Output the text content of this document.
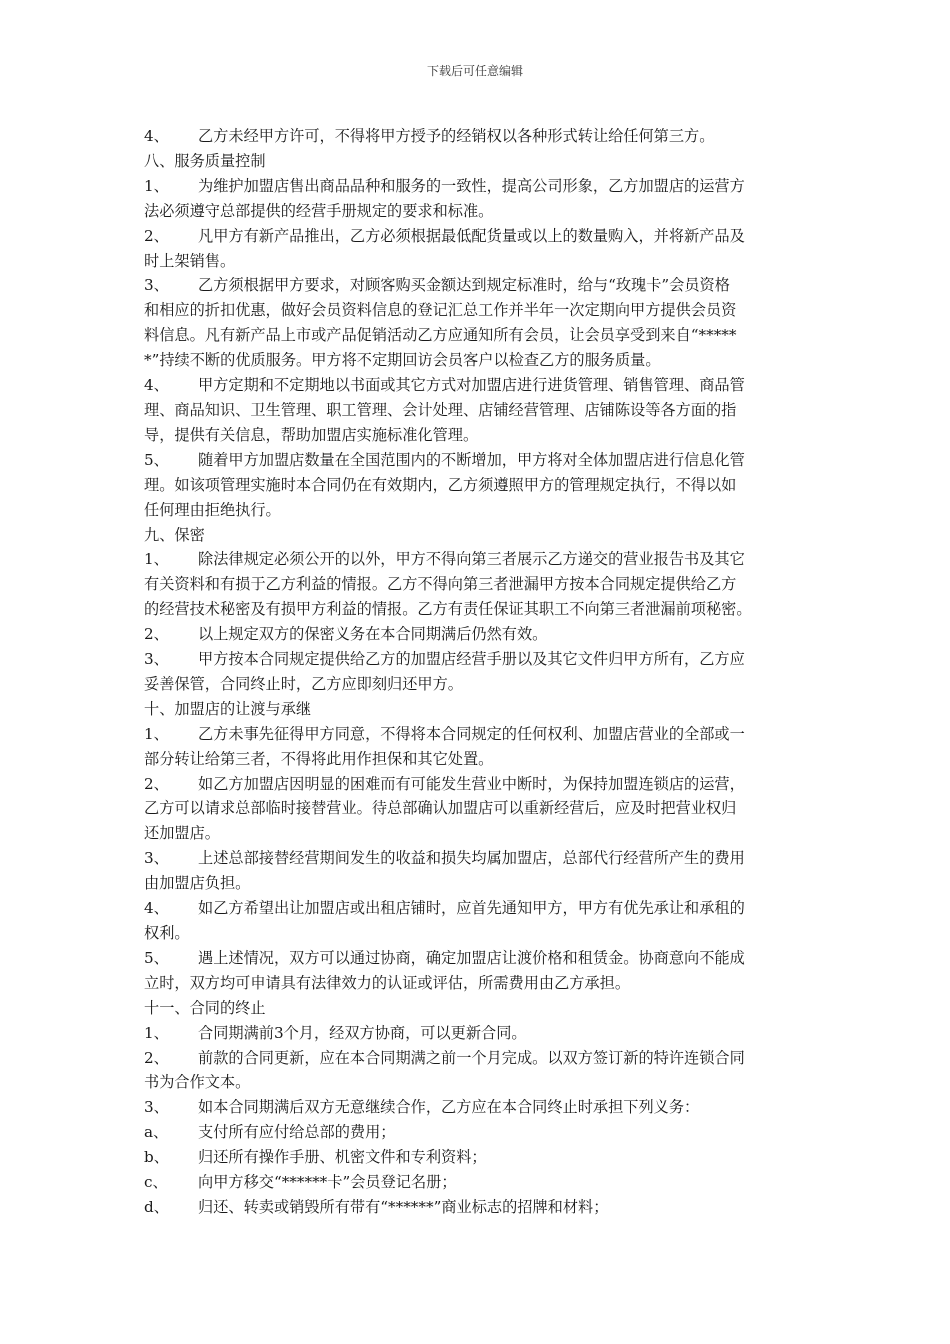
下载后可任意编辑
4、 乙方未经甲方许可，不得将甲方授予的经销权以各种形式转让给任何第三方。
八、服务质量控制
1、 为维护加盟店售出商品品种和服务的一致性，提高公司形象，乙方加盟店的运营方
法必须遵守总部提供的经营手册规定的要求和标准。
2、 凡甲方有新产品推出，乙方必须根据最低配货量或以上的数量购入，并将新产品及
时上架销售。
3、 乙方须根据甲方要求，对顾客购买金额达到规定标准时，给与“玫瑰卡”会员资格
和相应的折扣优惠，做好会员资料信息的登记汇总工作并半年一次定期向甲方提供会员资
料信息。凡有新产品上市或产品促销活动乙方应通知所有会员，让会员享受到来自“*****
*”持续不断的优质服务。甲方将不定期回访会员客户以检查乙方的服务质量。
4、 甲方定期和不定期地以书面或其它方式对加盟店进行进货管理、销售管理、商品管
理、商品知识、卫生管理、职工管理、会计处理、店铺经营管理、店铺陈设等各方面的指
导，提供有关信息，帮助加盟店实施标准化管理。
5、 随着甲方加盟店数量在全国范围内的不断增加，甲方将对全体加盟店进行信息化管
理。如该项管理实施时本合同仍在有效期内，乙方须遵照甲方的管理规定执行，不得以如
任何理由拒绝执行。
九、保密
1、 除法律规定必须公开的以外，甲方不得向第三者展示乙方递交的营业报告书及其它
有关资料和有损于乙方利益的情报。乙方不得向第三者泄漏甲方按本合同规定提供给乙方
的经营技术秘密及有损甲方利益的情报。乙方有责任保证其职工不向第三者泄漏前项秘密。
2、 以上规定双方的保密义务在本合同期满后仍然有效。
3、 甲方按本合同规定提供给乙方的加盟店经营手册以及其它文件归甲方所有，乙方应
妥善保管，合同终止时，乙方应即刻归还甲方。
十、加盟店的让渡与承继
1、 乙方未事先征得甲方同意，不得将本合同规定的任何权利、加盟店营业的全部或一
部分转让给第三者，不得将此用作担保和其它处置。
2、 如乙方加盟店因明显的困难而有可能发生营业中断时，为保持加盟连锁店的运营，
乙方可以请求总部临时接替营业。待总部确认加盟店可以重新经营后，应及时把营业权归
还加盟店。
3、 上述总部接替经营期间发生的收益和损失均属加盟店，总部代行经营所产生的费用
由加盟店负担。
4、 如乙方希望出让加盟店或出租店铺时，应首先通知甲方，甲方有优先承让和承租的
权利。
5、 遇上述情况，双方可以通过协商，确定加盟店让渡价格和租赁金。协商意向不能成
立时，双方均可申请具有法律效力的认证或评估，所需费用由乙方承担。
十一、合同的终止
1、 合同期满前3个月，经双方协商，可以更新合同。
2、 前款的合同更新，应在本合同期满之前一个月完成。以双方签订新的特许连锁合同
书为合作文本。
3、 如本合同期满后双方无意继续合作，乙方应在本合同终止时承担下列义务：
a、 支付所有应付给总部的费用；
b、 归还所有操作手册、机密文件和专利资料；
c、 向甲方移交“******卡”会员登记名册；
d、 归还、转卖或销毁所有带有“******”商业标志的招牌和材料；
